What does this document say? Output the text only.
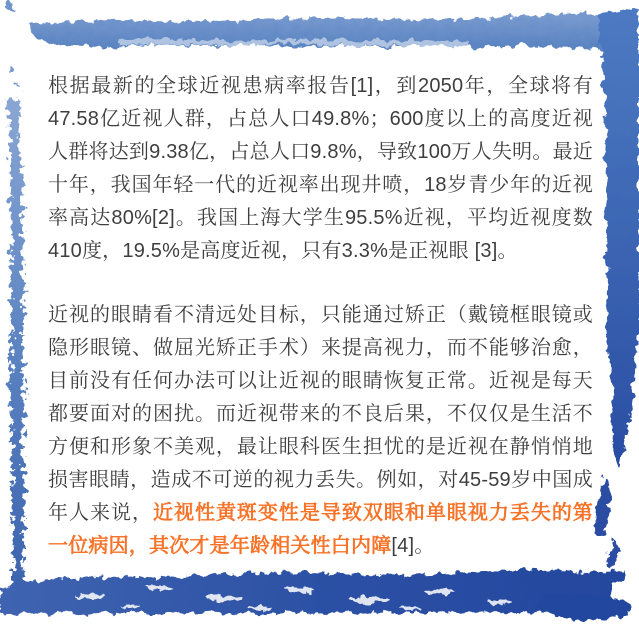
根据最新的全球近视患病率报告[1]，到2050年，全球将有47.58亿近视人群，占总人口49.8%；600度以上的高度近视人群将达到9.38亿，占总人口9.8%，导致100万人失明。最近十年，我国年轻一代的近视率出现井喷，18岁青少年的近视率高达80%[2]。我国上海大学生95.5%近视，平均近视度数410度，19.5%是高度近视，只有3.3%是正视眼 [3]。

近视的眼睛看不清远处目标，只能通过矫正（戴镜框眼镜或隐形眼镜、做屈光矫正手术）来提高视力，而不能够治愈，目前没有任何办法可以让近视的眼睛恢复正常。近视是每天都要面对的困扰。而近视带来的不良后果，不仅仅是生活不方便和形象不美观，最让眼科医生担忧的是近视在静悄悄地损害眼睛，造成不可逆的视力丢失。例如，对45-59岁中国成年人来说，近视性黄斑变性是导致双眼和单眼视力丢失的第一位病因，其次才是年龄相关性白内障[4]。
